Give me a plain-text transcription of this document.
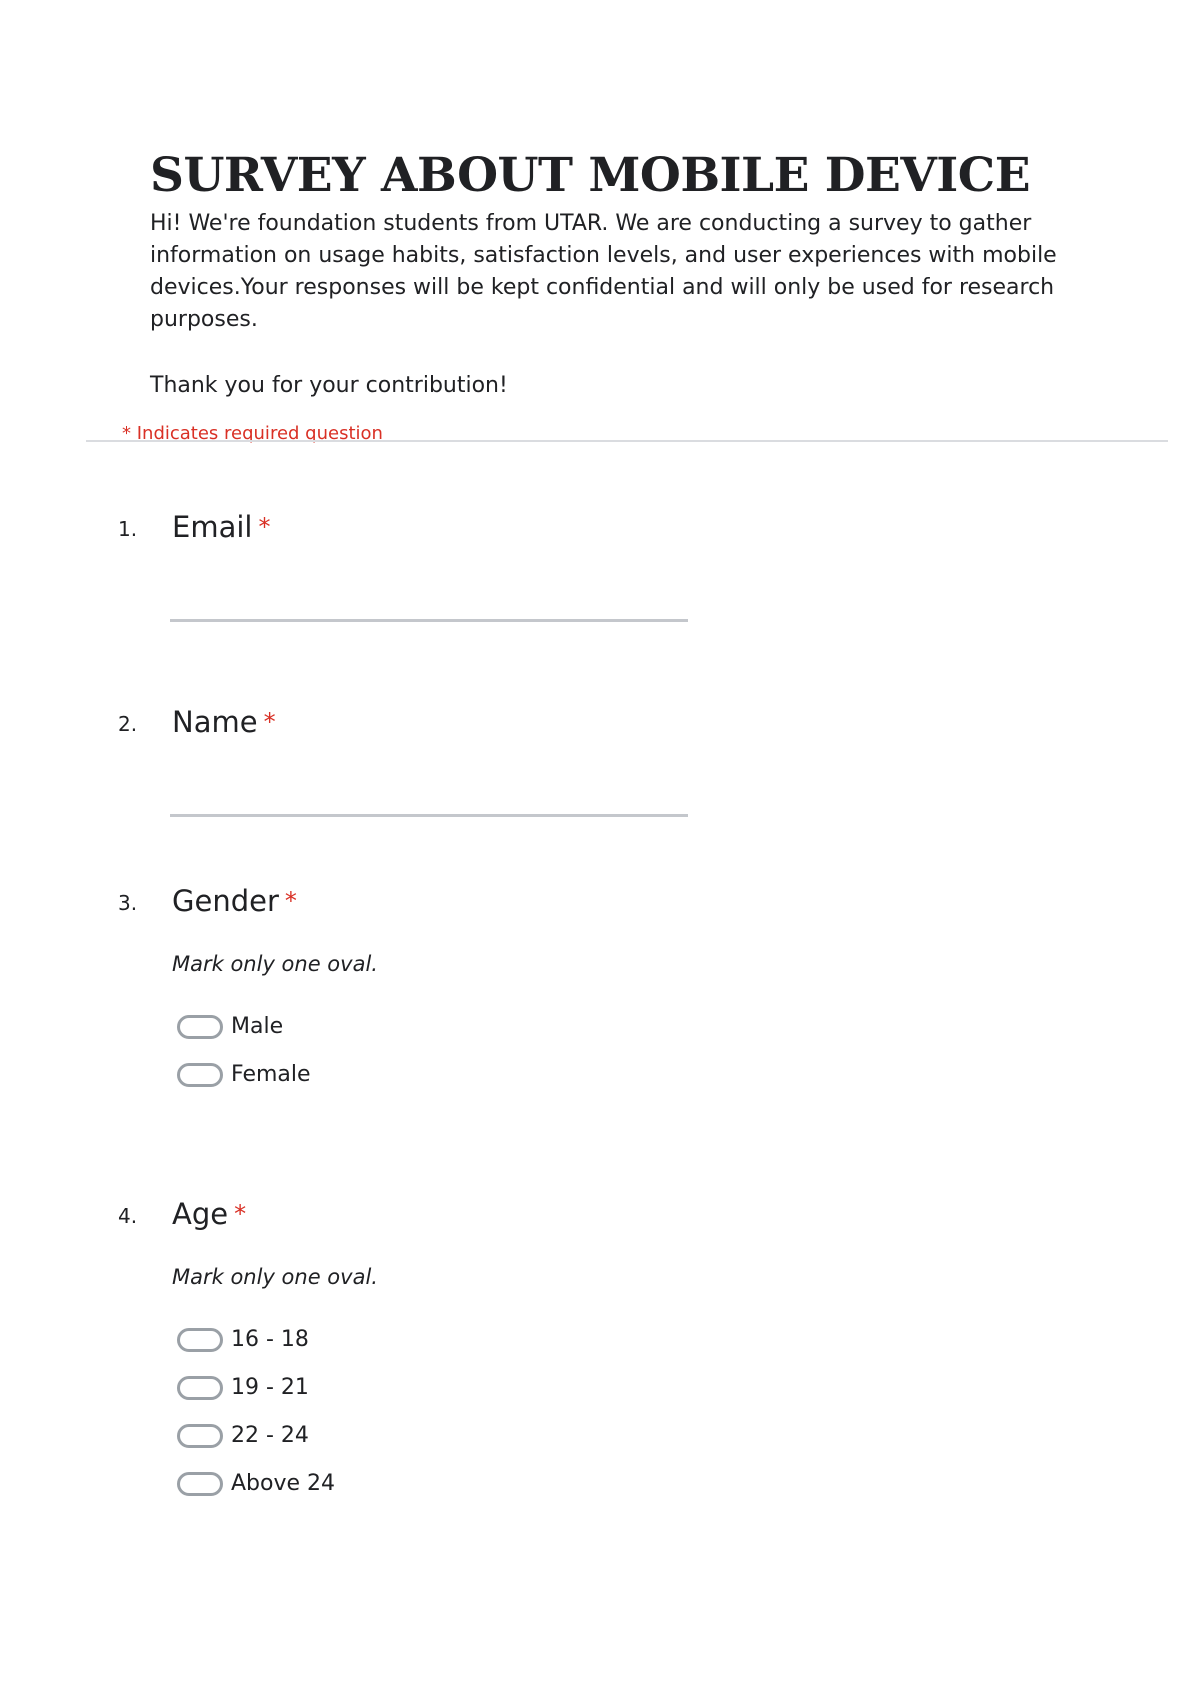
SURVEY ABOUT MOBILE DEVICE

Hi! We're foundation students from UTAR. We are conducting a survey to gather information on usage habits, satisfaction levels, and user experiences with mobile devices.Your responses will be kept confidential and will only be used for research purposes.

Thank you for your contribution!

* Indicates required question
1. Email *
2. Name *
3. Gender *
Mark only one oval.
Male
Female
4. Age *
Mark only one oval.
16 - 18
19 - 21
22 - 24
Above 24
